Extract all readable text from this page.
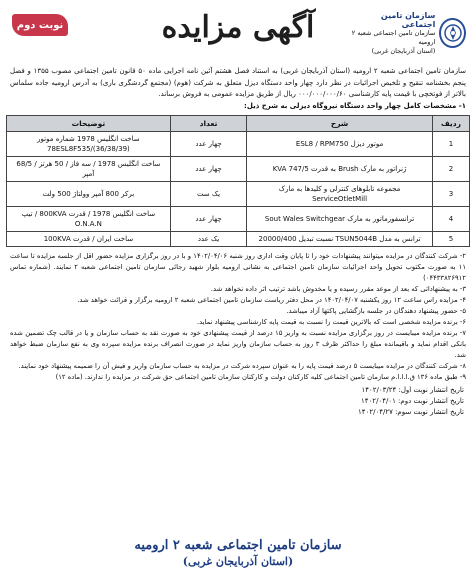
سازمان تامین اجتماعی
سازمان تامین اجتماعی شعبه ۲ ارومیه
(استان آذربایجان غربی)
آگهی مزایده
نوبت دوم

سازمان تامین اجتماعی شعبه ۲ ارومیه (استان آذربایجان غربی) به استناد فصل هشتم آئین نامه اجرایی ماده ۵۰ قانون تامین اجتماعی مصوب ۱۳۵۵ و فصل پنجم بخشنامه تنقیح و تلخیص اجرائیات در نظر دارد چهار واحد دستگاه دیزل متعلق به شرکت (هوم) (مجتمع گردشگری باری) به آدرس ارومیه جاده سلماس بالاتر از فوتخچی با قیمت پایه کارشناسی ۰۰۰/۰۰۰/۰۰۰/۶۰ ریال از طریق مزایده عمومی به فروش برساند.

۱- مشخصات کامل چهار واحد دستگاه نیروگاه دیزلی به شرح ذیل:

ردیف	شرح	تعداد	توضیحات
1	موتور دیزل ESL8 / RPM750	چهار عدد	ساخت انگلیس 1978 شماره موتور 78ESL8F535/(36/38/39)
2	ژنراتور به مارک Brush به قدرت KVA 747/5	چهار عدد	ساخت انگلیس 1978 / سه فاز / 50 هرتز / 68/5 آمپر
3	مجموعه تابلوهای کنترلی و کلیدها به مارک ServiceOtletMill	یک ست	برکر 800 آمپر وولتاژ 500 ولت
4	ترانسفورماتور به مارک Sout Wales Switchgear	چهار عدد	ساخت انگلیس 1978 / قدرت 800KVA / تیپ O.N.A.N
5	ترانس به مدل TSUN5044B نسبت تبدیل 20000/400	یک عدد	ساخت ایران / قدرت 100KVA

۲- شرکت کنندگان در مزایده میتوانند پیشنهادات خود را تا پایان وقت اداری روز شنبه ۱۴۰۲/۰۴/۰۶ و با در روز برگزاری مزایده حضور اقل از جلسه مزایده تا ساعت ۱۱ به صورت مکتوب تحویل واحد اجرائیات سازمان تامین اجتماعی به نشانی ارومیه بلوار شهید رجائی سازمان تامین اجتماعی شعبه ۲ نمایند. (شماره تماس ۰۴۴۳۳۸۲۶۹۱۲)

۳- به پیشنهاداتی که بعد از موعد مقرر رسیده و یا مخدوش باشد ترتیب اثر داده نخواهد شد.

۴- مزایده راس ساعت ۱۲ روز یکشنبه ۱۴۰۲/۰۴/۰۷ در محل دفتر ریاست سازمان تامین اجتماعی شعبه ۲ ارومیه برگزار و قرائت خواهد شد.

۵- حضور پیشنهاد دهندگان در جلسه بازگشایی پاکتها آزاد میباشد.

۶- برنده مزایده شخصی است که بالاترین قیمت را نسبت به قیمت پایه کارشناسی پیشنهاد نماید.

۷- برنده مزایده میبایست در روز برگزاری مزایده نسبت به واریز ۱۵ درصد از قیمت پیشنهادی خود به صورت نقد به حساب سازمان و یا در قالب چک تضمین شده بانکی اقدام نماید و باقیمانده مبلغ را حداکثر ظرف ۳ روز به حساب سازمان واریز نماید در صورت انصراف برنده مزایده سپرده وی به نفع سازمان ضبط خواهد شد.

۸- شرکت کنندگان در مزایده میبایست ۵ درصد قیمت پایه را به عنوان سپرده شرکت در مزایده به حساب سازمان واریز و فیش آن را ضمیمه پیشنهاد خود نمایند.

۹- طبق ماده ۱۳۶ ق.ا.ا.ا.م سازمان تامین اجتماعی کلیه کارکنان دولت و کارکنان سازمان تامین اجتماعی حق شرکت در مزایده را ندارند. (ماده ۱۲)

تاریخ انتشار نوبت اول: ۱۴۰۲/۰۳/۲۴
تاریخ انتشار نوبت دوم: ۱۴۰۲/۰۴/۰۱
تاریخ انتشار نوبت سوم: ۱۴۰۲/۰۴/۲۷
سازمان تامین اجتماعی شعبه ۲ ارومیه
(استان آذربایجان غربی)
